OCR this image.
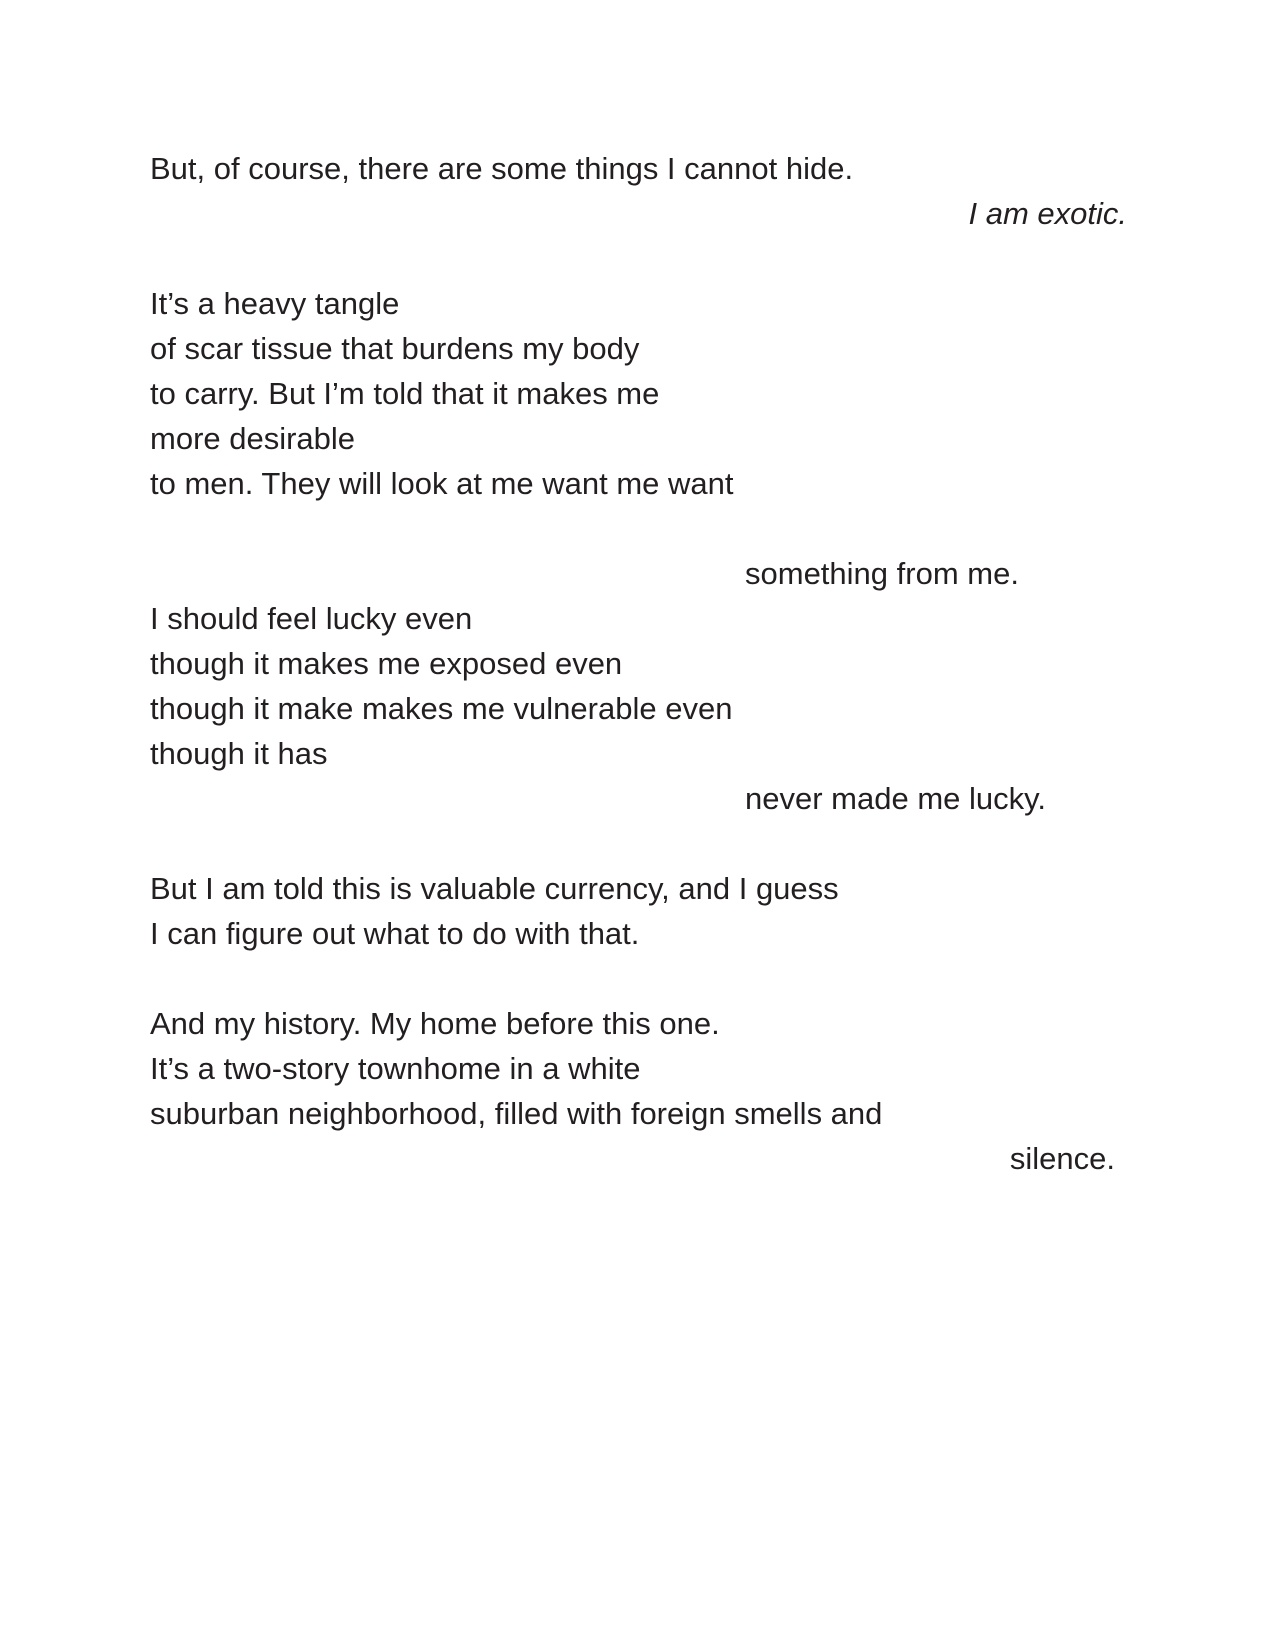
But, of course, there are some things I cannot hide.
I am exotic.
It’s a heavy tangle
of scar tissue that burdens my body
to carry. But I’m told that it makes me
more desirable
to men. They will look at me want me want
something from me.
I should feel lucky even
though it makes me exposed even
though it make makes me vulnerable even
though it has
never made me lucky.
But I am told this is valuable currency, and I guess
I can figure out what to do with that.
And my history. My home before this one.
It’s a two-story townhome in a white
suburban neighborhood, filled with foreign smells and
silence.
